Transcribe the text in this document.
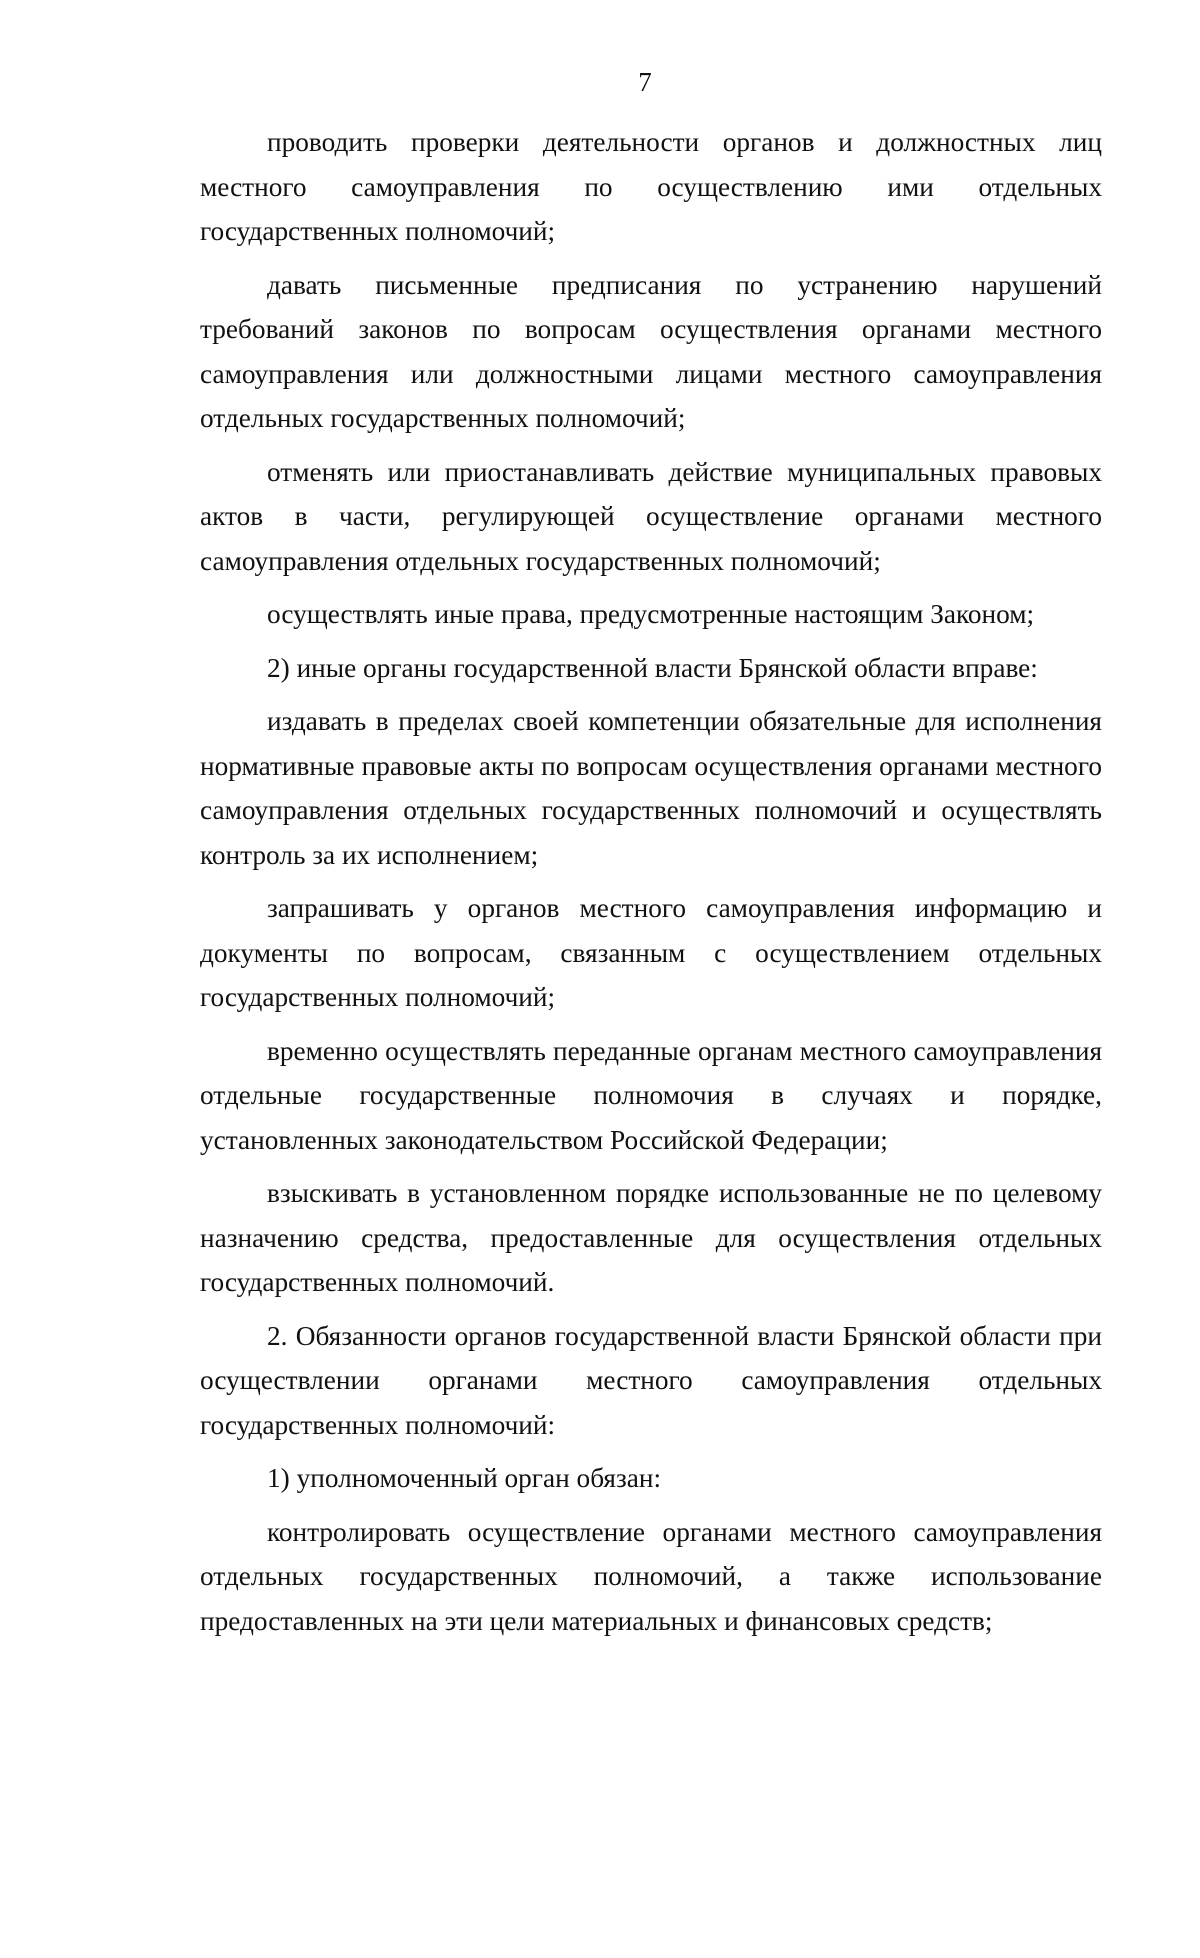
7

проводить проверки деятельности органов и должностных лиц местного самоуправления по осуществлению ими отдельных государственных полномочий;

давать письменные предписания по устранению нарушений требований законов по вопросам осуществления органами местного самоуправления или должностными лицами местного самоуправления отдельных государственных полномочий;

отменять или приостанавливать действие муниципальных правовых актов в части, регулирующей осуществление органами местного самоуправления отдельных государственных полномочий;

осуществлять иные права, предусмотренные настоящим Законом;

2) иные органы государственной власти Брянской области вправе:

издавать в пределах своей компетенции обязательные для исполнения нормативные правовые акты по вопросам осуществления органами местного самоуправления отдельных государственных полномочий и осуществлять контроль за их исполнением;

запрашивать у органов местного самоуправления информацию и документы по вопросам, связанным с осуществлением отдельных государственных полномочий;

временно осуществлять переданные органам местного самоуправления отдельные государственные полномочия в случаях и порядке, установленных законодательством Российской Федерации;

взыскивать в установленном порядке использованные не по целевому назначению средства, предоставленные для осуществления отдельных государственных полномочий.

2. Обязанности органов государственной власти Брянской области при осуществлении органами местного самоуправления отдельных государственных полномочий:

1) уполномоченный орган обязан:

контролировать осуществление органами местного самоуправления отдельных государственных полномочий, а также использование предоставленных на эти цели материальных и финансовых средств;
